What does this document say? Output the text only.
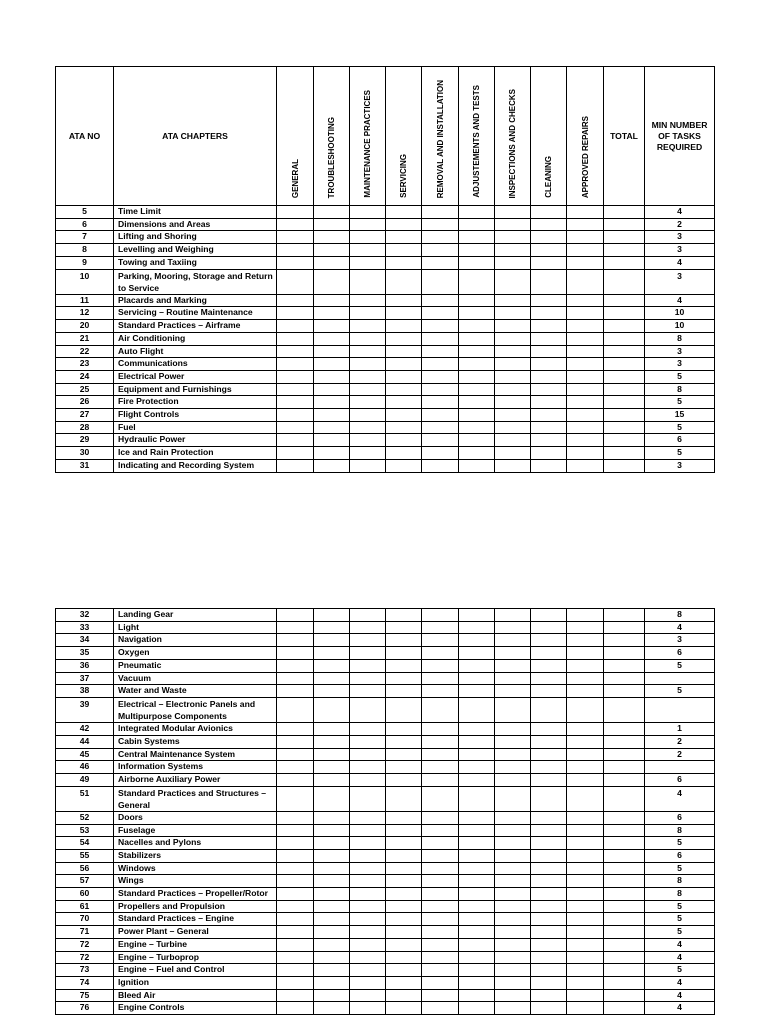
ATA NO	ATA CHAPTERS	GENERAL	TROUBLESHOOTING	MAINTENANCE PRACTICES	SERVICING	REMOVAL AND INSTALLATION	ADJUSTEMENTS AND TESTS	INSPECTIONS AND CHECKS	CLEANING	APPROVED REPAIRS	TOTAL	MIN NUMBER OF TASKS REQUIRED
5	Time Limit											4
6	Dimensions and Areas											2
7	Lifting and Shoring											3
8	Levelling and Weighing											3
9	Towing and Taxiing											4
10	Parking, Mooring, Storage and Return to Service											3
11	Placards and Marking											4
12	Servicing – Routine Maintenance											10
20	Standard Practices – Airframe											10
21	Air Conditioning											8
22	Auto Flight											3
23	Communications											3
24	Electrical Power											5
25	Equipment and Furnishings											8
26	Fire Protection											5
27	Flight Controls											15
28	Fuel											5
29	Hydraulic Power											6
30	Ice and Rain Protection											5
31	Indicating and Recording System											3
32	Landing Gear											8
33	Light											4
34	Navigation											3
35	Oxygen											6
36	Pneumatic											5
37	Vacuum											
38	Water and Waste											5
39	Electrical – Electronic Panels and Multipurpose Components											
42	Integrated Modular Avionics											1
44	Cabin Systems											2
45	Central Maintenance System											2
46	Information Systems											
49	Airborne Auxiliary Power											6
51	Standard Practices and Structures – General											4
52	Doors											6
53	Fuselage											8
54	Nacelles and Pylons											5
55	Stabilizers											6
56	Windows											5
57	Wings											8
60	Standard Practices – Propeller/Rotor											8
61	Propellers and Propulsion											5
70	Standard Practices – Engine											5
71	Power Plant – General											5
72	Engine – Turbine											4
72	Engine – Turboprop											4
73	Engine – Fuel and Control											5
74	Ignition											4
75	Bleed Air											4
76	Engine Controls											4
